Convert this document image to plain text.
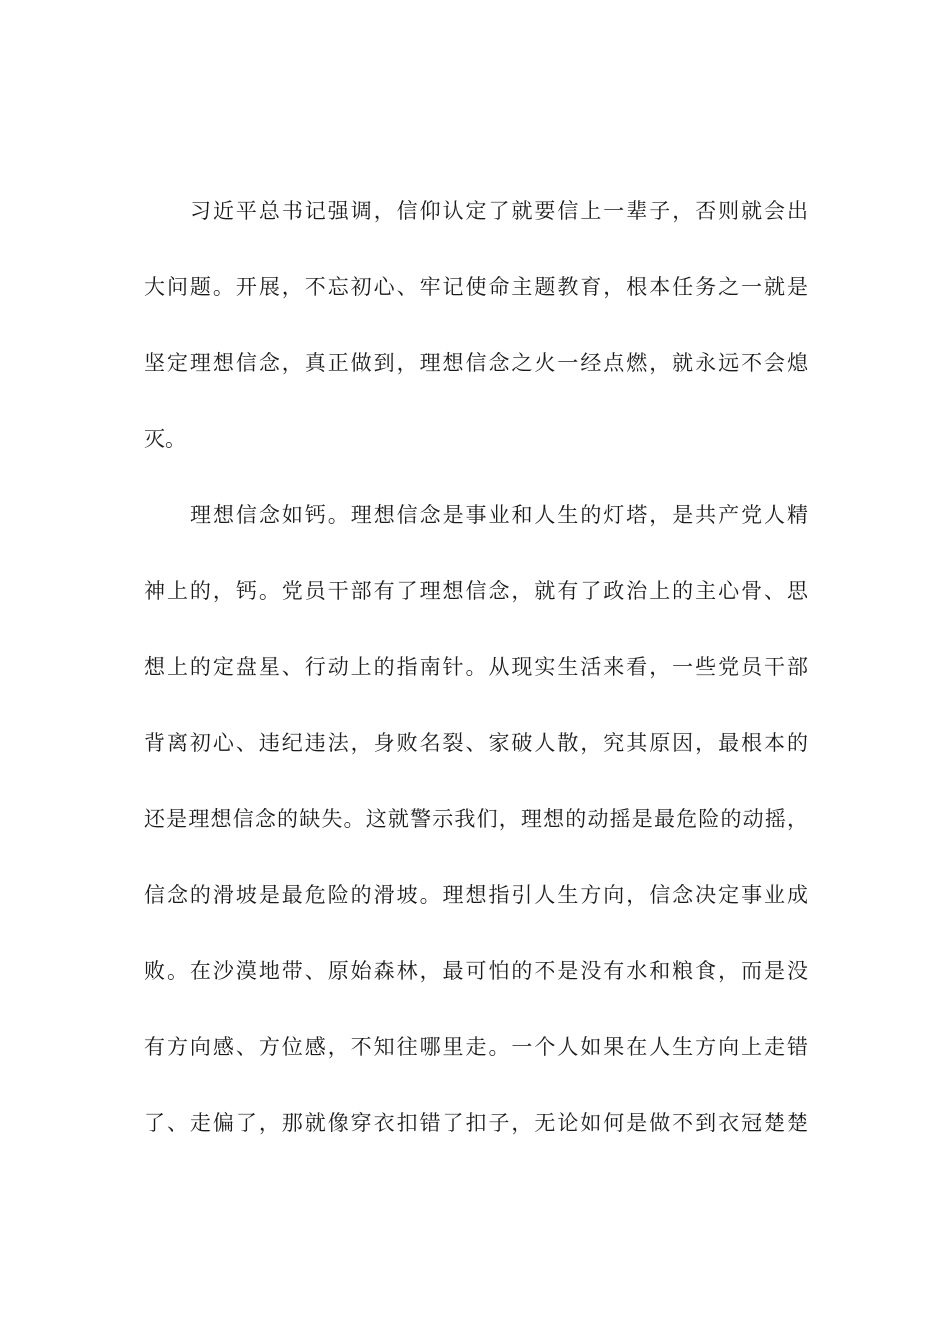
习近平总书记强调，信仰认定了就要信上一辈子，否则就会出
大问题。开展，不忘初心、牢记使命主题教育，根本任务之一就是
坚定理想信念，真正做到，理想信念之火一经点燃，就永远不会熄
灭。
理想信念如钙。理想信念是事业和人生的灯塔，是共产党人精
神上的，钙。党员干部有了理想信念，就有了政治上的主心骨、思
想上的定盘星、行动上的指南针。从现实生活来看，一些党员干部
背离初心、违纪违法，身败名裂、家破人散，究其原因，最根本的
还是理想信念的缺失。这就警示我们，理想的动摇是最危险的动摇，
信念的滑坡是最危险的滑坡。理想指引人生方向，信念决定事业成
败。在沙漠地带、原始森林，最可怕的不是没有水和粮食，而是没
有方向感、方位感，不知往哪里走。一个人如果在人生方向上走错
了、走偏了，那就像穿衣扣错了扣子，无论如何是做不到衣冠楚楚
